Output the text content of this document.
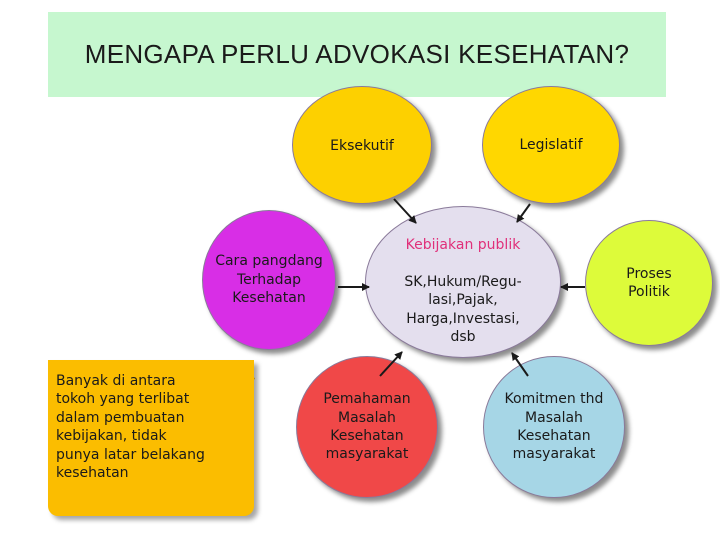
MENGAPA PERLU ADVOKASI KESEHATAN?
Banyak di antara
tokoh yang terlibat
dalam pembuatan
kebijakan, tidak
punya latar belakang
kesehatan
Eksekutif	Legislatif
Cara pangdang
Terhadap
Kesehatan

Kebijakan publik

SK,Hukum/Regu-
lasi,Pajak,
Harga,Investasi,
dsb

Proses
Politik
Pemahaman
Masalah
Kesehatan
masyarakat
Komitmen thd
Masalah
Kesehatan
masyarakat
